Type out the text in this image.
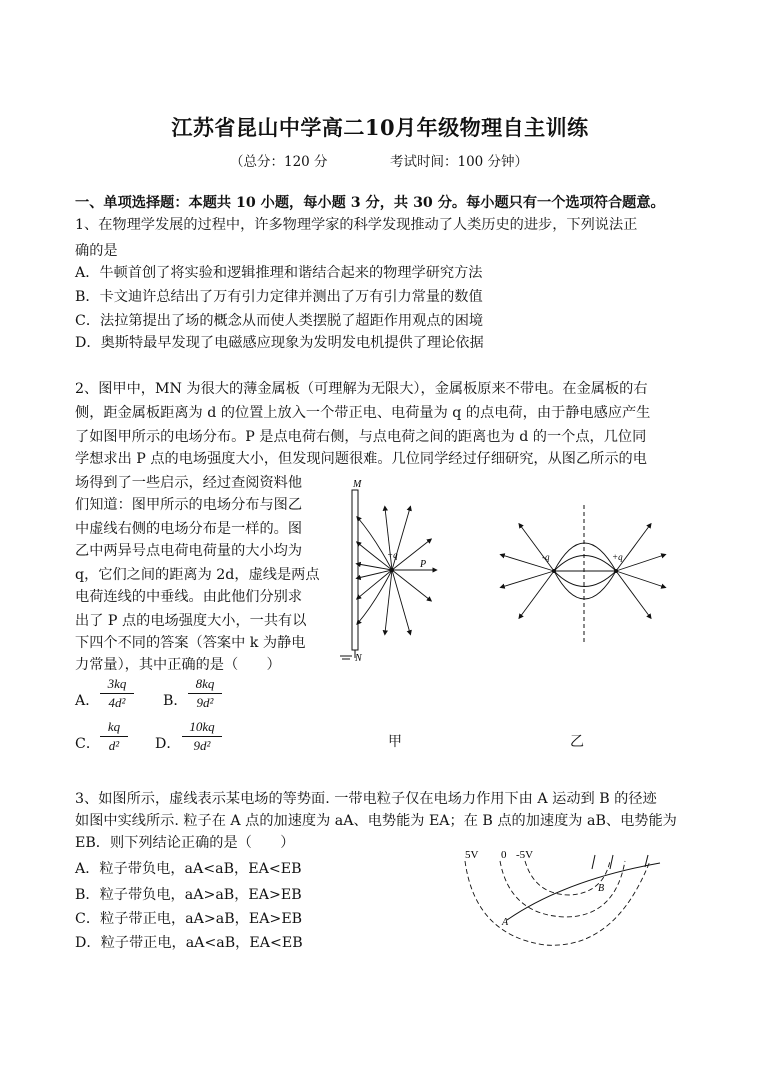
江苏省昆山中学高二10月年级物理自主训练
（总分：120 分	考试时间：100 分钟）
一、单项选择题：本题共 10 小题，每小题 3 分，共 30 分。每小题只有一个选项符合题意。
1、在物理学发展的过程中，许多物理学家的科学发现推动了人类历史的进步，下列说法正
确的是
A．牛顿首创了将实验和逻辑推理和谐结合起来的物理学研究方法
B．卡文迪许总结出了万有引力定律并测出了万有引力常量的数值
C．法拉第提出了场的概念从而使人类摆脱了超距作用观点的困境
D．奥斯特最早发现了电磁感应现象为发明发电机提供了理论依据
2、图甲中，MN 为很大的薄金属板（可理解为无限大），金属板原来不带电。在金属板的右
侧，距金属板距离为 d 的位置上放入一个带正电、电荷量为 q 的点电荷，由于静电感应产生
了如图甲所示的电场分布。P 是点电荷右侧，与点电荷之间的距离也为 d 的一个点，几位同
学想求出 P 点的电场强度大小，但发现问题很难。几位同学经过仔细研究，从图乙所示的电
场得到了一些启示，经过查阅资料他
们知道：图甲所示的电场分布与图乙
中虚线右侧的电场分布是一样的。图
乙中两异号点电荷电荷量的大小均为
q，它们之间的距离为 2d，虚线是两点
电荷连线的中垂线。由此他们分别求
出了 P 点的电场强度大小，一共有以
下四个不同的答案（答案中 k 为静电
力常量），其中正确的是（　　）
A． $\frac{3kq}{\text{4d²}}$ B． $\frac{8kq}{\text{9d²}}$
C． $\frac{kq}{\text{d²}}$ D． $\frac{10kq}{\text{9d²}}$
M
N
+q
P
-q	+q
甲	乙
3、如图所示，虚线表示某电场的等势面. 一带电粒子仅在电场力作用下由 A 运动到 B 的径迹
如图中实线所示. 粒子在 A 点的加速度为 aA、电势能为 EA；在 B 点的加速度为 aB、电势能为
EB．则下列结论正确的是（　　）
A．粒子带负电，aA<aB，EA<EB
B．粒子带负电，aA>aB，EA>EB
C．粒子带正电，aA>aB，EA>EB
D．粒子带正电，aA<aB，EA<EB
5V 0 -5V
A
B
